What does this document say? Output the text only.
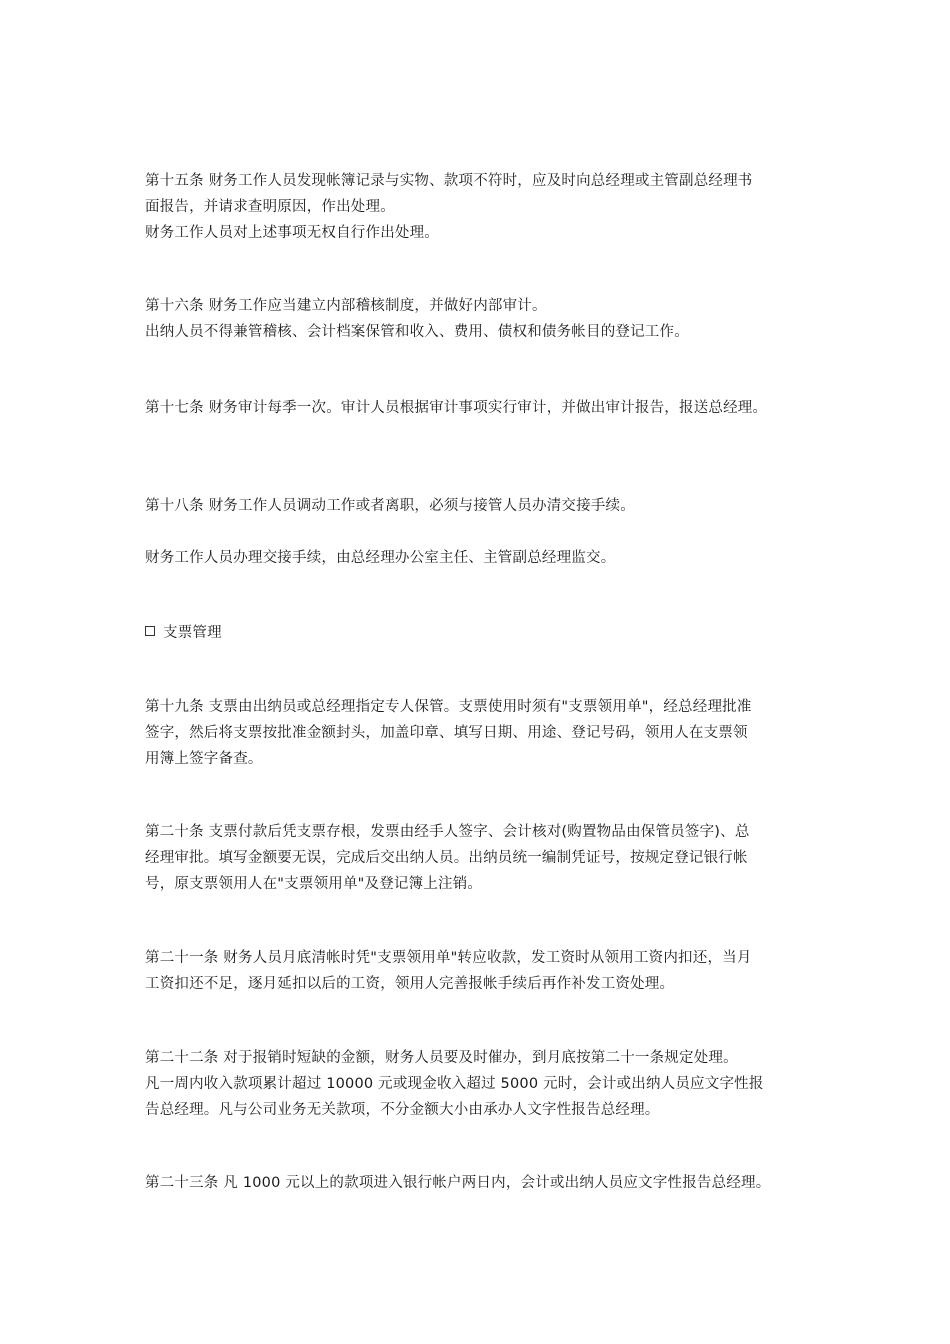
第十五条 财务工作人员发现帐簿记录与实物、款项不符时，应及时向总经理或主管副总经理书

面报告，并请求查明原因，作出处理。

财务工作人员对上述事项无权自行作出处理。

第十六条 财务工作应当建立内部稽核制度，并做好内部审计。

出纳人员不得兼管稽核、会计档案保管和收入、费用、债权和债务帐目的登记工作。

第十七条 财务审计每季一次。审计人员根据审计事项实行审计，并做出审计报告，报送总经理。

第十八条 财务工作人员调动工作或者离职，必须与接管人员办清交接手续。

财务工作人员办理交接手续，由总经理办公室主任、主管副总经理监交。

支票管理

第十九条 支票由出纳员或总经理指定专人保管。支票使用时须有"支票领用单"，经总经理批准

签字，然后将支票按批准金额封头，加盖印章、填写日期、用途、登记号码，领用人在支票领

用簿上签字备查。

第二十条 支票付款后凭支票存根，发票由经手人签字、会计核对(购置物品由保管员签字)、总

经理审批。填写金额要无误，完成后交出纳人员。出纳员统一编制凭证号，按规定登记银行帐

号，原支票领用人在"支票领用单"及登记簿上注销。

第二十一条 财务人员月底清帐时凭"支票领用单"转应收款，发工资时从领用工资内扣还，当月

工资扣还不足，逐月延扣以后的工资，领用人完善报帐手续后再作补发工资处理。

第二十二条 对于报销时短缺的金额，财务人员要及时催办，到月底按第二十一条规定处理。

凡一周内收入款项累计超过 10000 元或现金收入超过 5000 元时，会计或出纳人员应文字性报

告总经理。凡与公司业务无关款项，不分金额大小由承办人文字性报告总经理。

第二十三条 凡 1000 元以上的款项进入银行帐户两日内，会计或出纳人员应文字性报告总经理。
